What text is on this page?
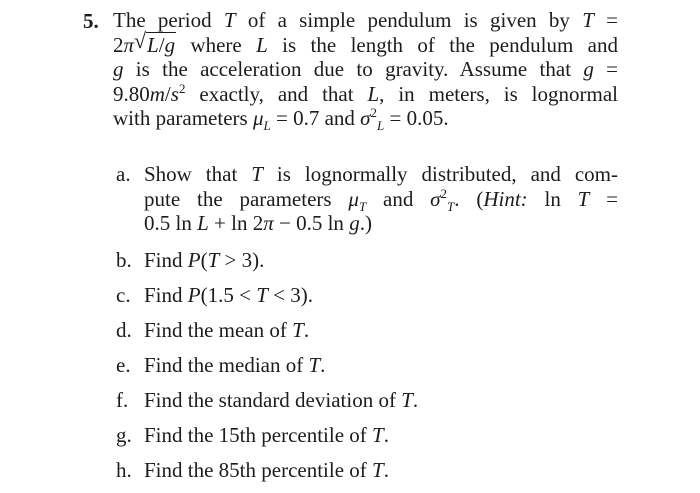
5. The period T of a simple pendulum is given by T =
2π √ L/g where L is the length of the pendulum and
g is the acceleration due to gravity. Assume that g =
$9.80m/s^2$ exactly, and that L, in meters, is lognormal
with parameters $\mu_L = 0.7$ and $\sigma^2_L = 0.05$.
a. Show that T is lognormally distributed, and com-
pute the parameters $\mu_T$ and $\sigma^2_T$. (Hint: ln T =
0.5 ln L + ln 2π − 0.5 ln g.)
b. Find P(T > 3).
c. Find P(1.5 < T < 3).
d. Find the mean of T.
e. Find the median of T.
f. Find the standard deviation of T.
g. Find the 15th percentile of T.
h. Find the 85th percentile of T.
